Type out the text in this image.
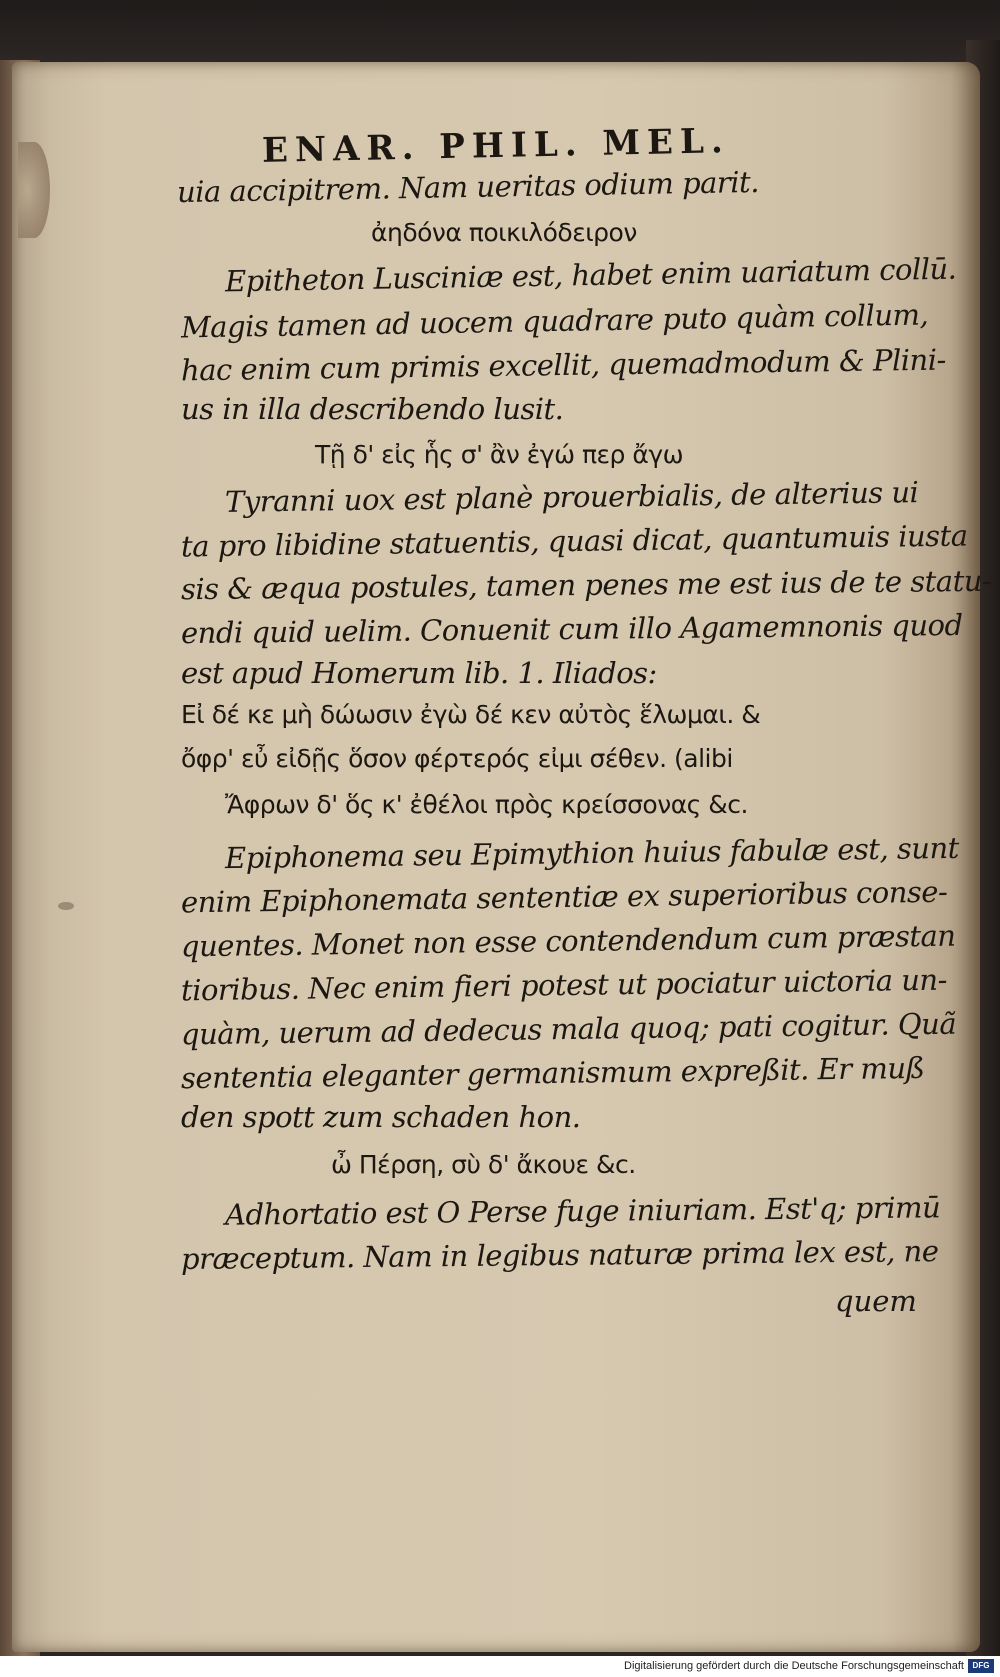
ENAR. PHIL. MEL.
uia accipitrem. Nam ueritas odium parit.
ἀηδόνα ποικιλόδειρον
Epitheton Lusciniæ est, habet enim uariatum collū.
Magis tamen ad uocem quadrare puto quàm collum,
hac enim cum primis excellit, quemadmodum & Plini-
us in illa describendo lusit.
Τῇ δ' εἰς ἧς σ' ἂν ἐγώ περ ἄγω
Tyranni uox est planè prouerbialis, de alterius ui
ta pro libidine statuentis, quasi dicat, quantumuis iusta
sis & æqua postules, tamen penes me est ius de te statu-
endi quid uelim. Conuenit cum illo Agamemnonis quod
est apud Homerum lib. 1. Iliados:
Εἰ δέ κε μὴ δώωσιν ἐγὼ δέ κεν αὐτὸς ἕλωμαι. &
ὄφρ' εὖ εἰδῇς ὅσον φέρτερός εἰμι σέθεν. (alibi
Ἄφρων δ' ὅς κ' ἐθέλοι πρὸς κρείσσονας &c.
Epiphonema seu Epimythion huius fabulæ est, sunt
enim Epiphonemata sententiæ ex superioribus conse-
quentes. Monet non esse contendendum cum præstan
tioribus. Nec enim fieri potest ut pociatur uictoria un-
quàm, uerum ad dedecus mala quoq; pati cogitur. Quã
sententia eleganter germanismum expreßit. Er muß
den spott zum schaden hon.
ὦ Πέρση, σὺ δ' ἄκουε &c.
Adhortatio est O Perse fuge iniuriam. Est'q; primū
præceptum. Nam in legibus naturæ prima lex est, ne
quem
Digitalisierung gefördert durch die Deutsche Forschungsgemeinschaft	DFG
